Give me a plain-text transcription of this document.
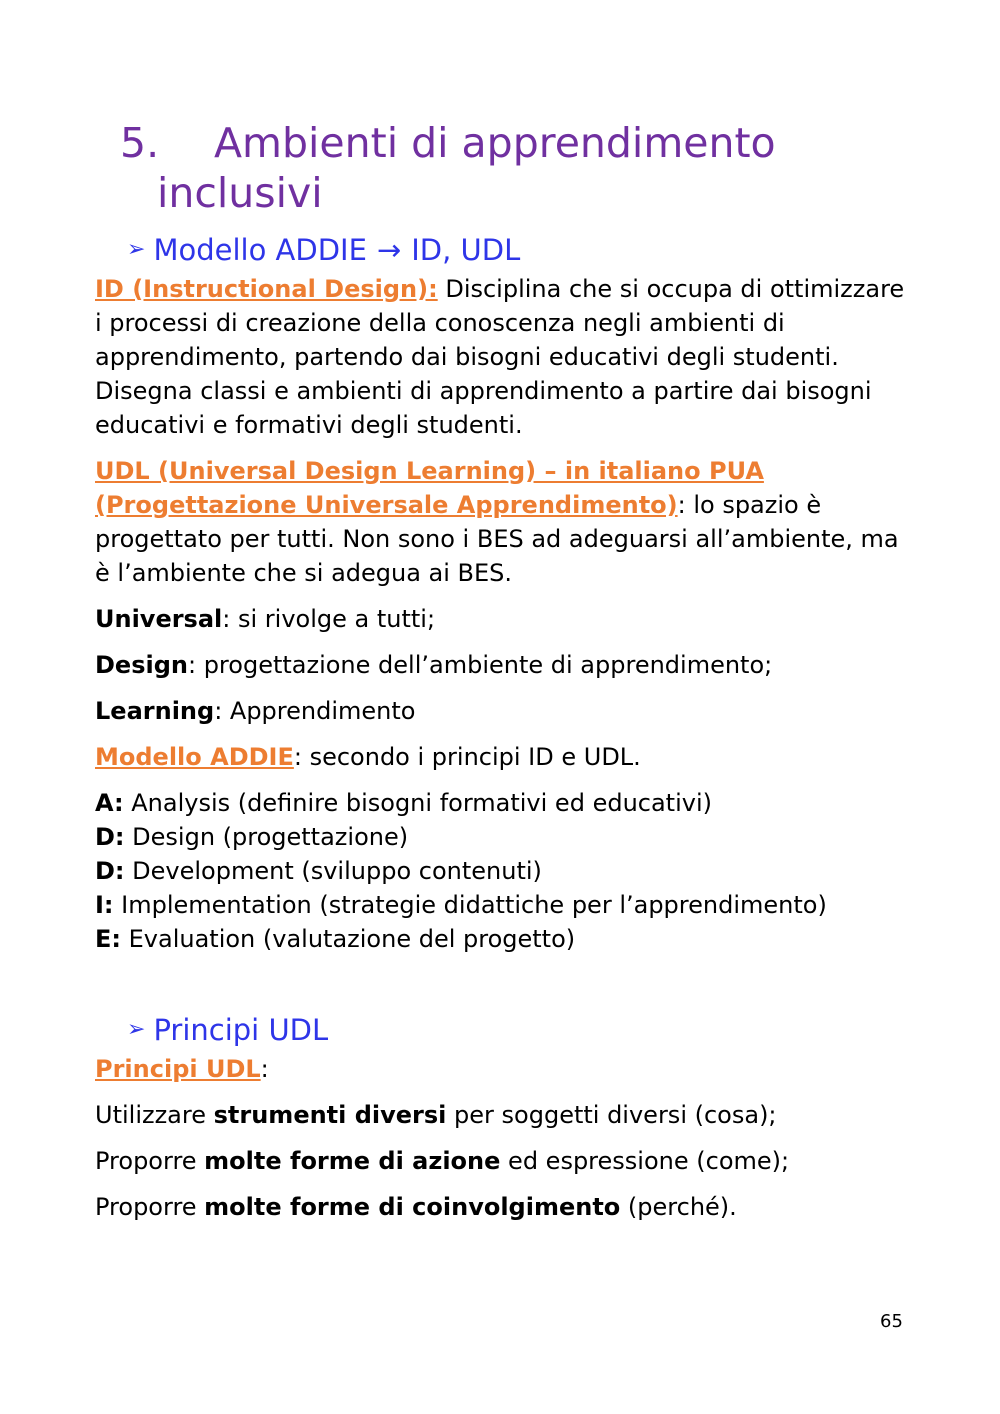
5. Ambienti di apprendimento inclusivi
➢ Modello ADDIE → ID, UDL

ID (Instructional Design): Disciplina che si occupa di ottimizzare i processi di creazione della conoscenza negli ambienti di apprendimento, partendo dai bisogni educativi degli studenti. Disegna classi e ambienti di apprendimento a partire dai bisogni educativi e formativi degli studenti.

UDL (Universal Design Learning) – in italiano PUA (Progettazione Universale Apprendimento): lo spazio è progettato per tutti. Non sono i BES ad adeguarsi all’ambiente, ma è l’ambiente che si adegua ai BES.

Universal: si rivolge a tutti;

Design: progettazione dell’ambiente di apprendimento;

Learning: Apprendimento

Modello ADDIE: secondo i principi ID e UDL.

A: Analysis (definire bisogni formativi ed educativi)

D: Design (progettazione)

D: Development (sviluppo contenuti)

I: Implementation (strategie didattiche per l’apprendimento)

E: Evaluation (valutazione del progetto)

➢ Principi UDL

Principi UDL:

Utilizzare strumenti diversi per soggetti diversi (cosa);

Proporre molte forme di azione ed espressione (come);

Proporre molte forme di coinvolgimento (perché).

65
